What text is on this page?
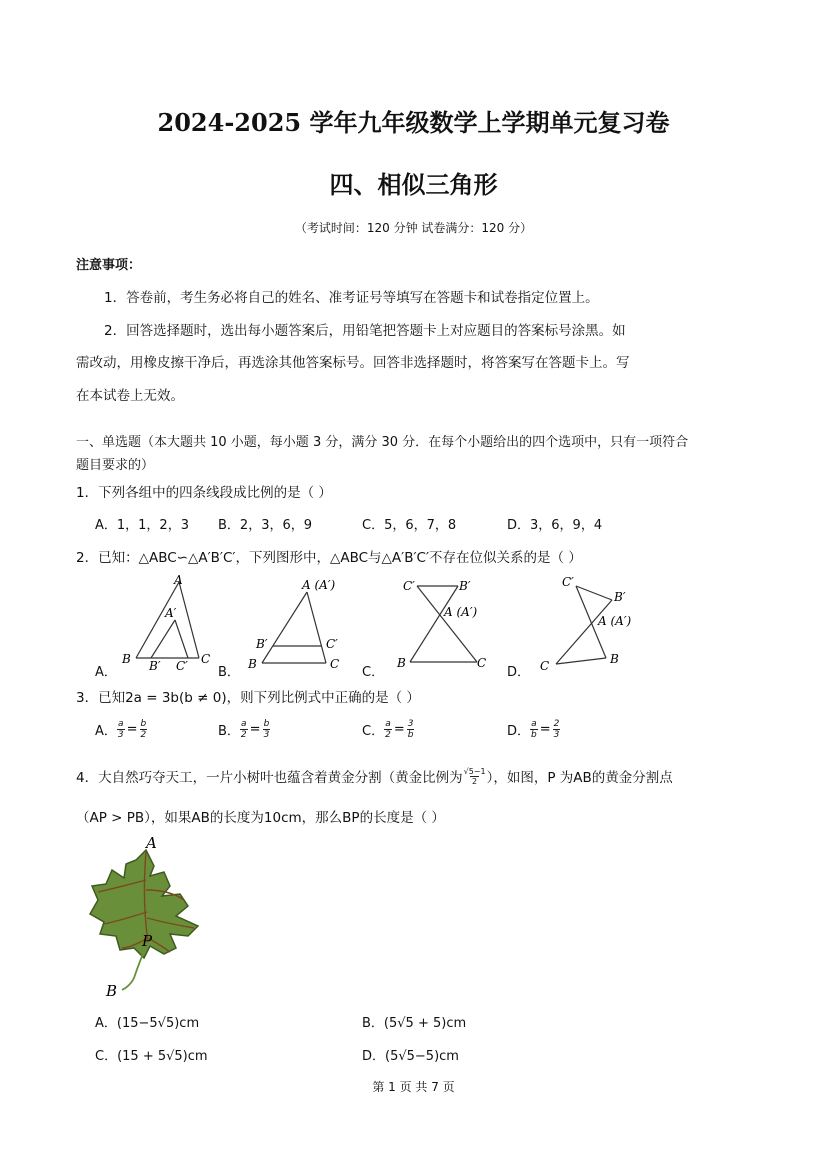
2024-2025 学年九年级数学上学期单元复习卷
四、相似三角形
（考试时间：120 分钟 试卷满分：120 分）
注意事项：
1．答卷前，考生务必将自己的姓名、准考证号等填写在答题卡和试卷指定位置上。
2．回答选择题时，选出每小题答案后，用铅笔把答题卡上对应题目的答案标号涂黑。如
需改动，用橡皮擦干净后，再选涂其他答案标号。回答非选择题时，将答案写在答题卡上。写
在本试卷上无效。
一、单选题（本大题共 10 小题，每小题 3 分，满分 30 分．在每个小题给出的四个选项中，只有一项符合
题目要求的）
1．下列各组中的四条线段成比例的是（ ）
A．1，1，2，3 B．2，3，6，9	C．5，6，7，8	D．3，6，9，4
2．已知：△ABC∽△A′B′C′，下列图形中，△ABC与△A′B′C′不存在位似关系的是（ ）
A．
A
A′
B B′ C′ C
B．
A (A′)
B′	C′
B	C
C．
C′	B′
A (A′)
B	C
D．
C′
B′
A (A′)
C	B
3．已知2a = 3b(b ≠ 0)，则下列比例式中正确的是（ ）
A． $\frac{a}{3} = \frac{b}{2}$	B． $\frac{a}{2} = \frac{b}{3}$	C． $\frac{a}{2} = \frac{3}{b}$	D． $\frac{a}{b} = \frac{2}{3}$
4．大自然巧夺天工，一片小树叶也蕴含着黄金分割（黄金比例为 $\frac{√5-1}{2}$ ），如图，P 为AB的黄金分割点
（AP > PB），如果AB的长度为10cm，那么BP的长度是（ ）
A
P
B
A．(15−5√5)cm	B．(5√5 + 5)cm
C．(15 + 5√5)cm	D．(5√5−5)cm
第 1 页 共 7 页
